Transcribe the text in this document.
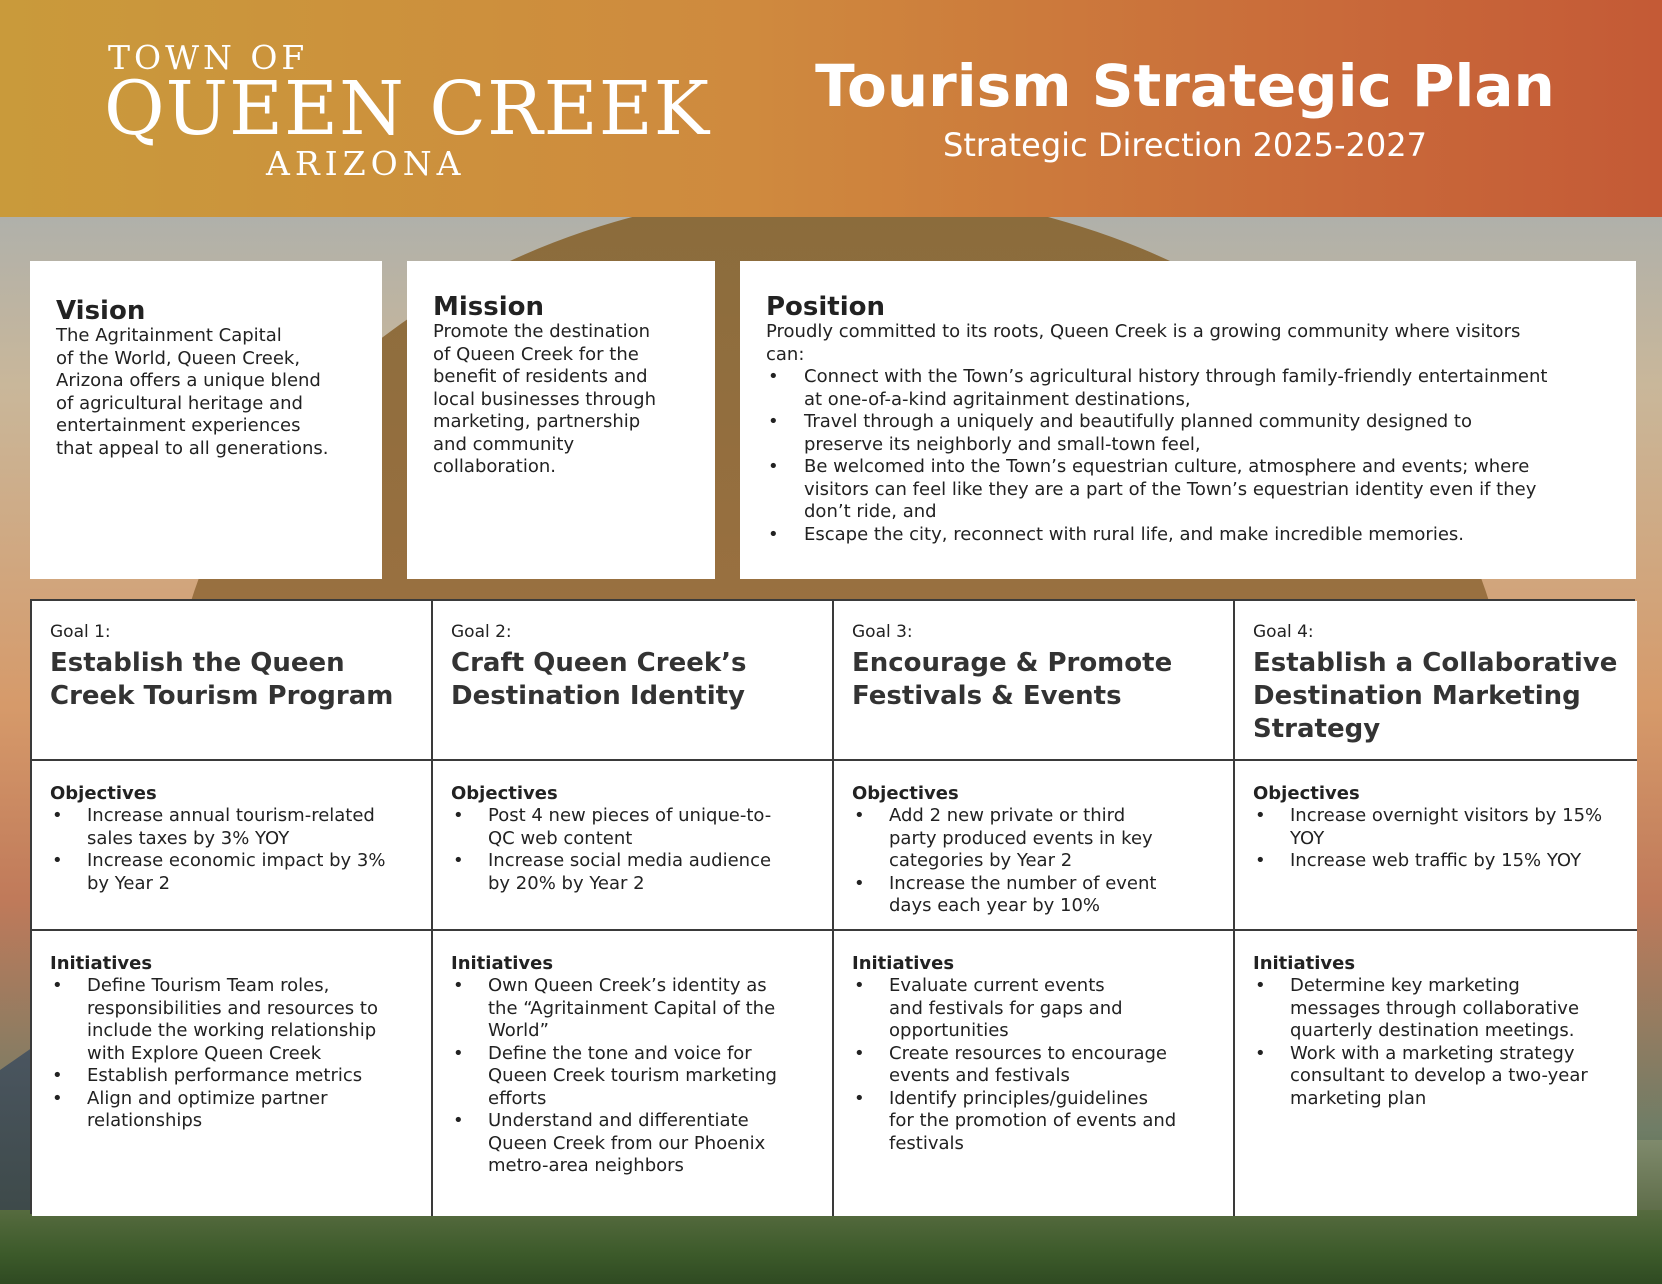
TOWN OF
QUEEN CREEK
ARIZONA
Tourism Strategic Plan
Strategic Direction 2025-2027
Vision

The Agritainment Capital
of the World, Queen Creek,
Arizona offers a unique blend
of agricultural heritage and
entertainment experiences
that appeal to all generations.

Mission

Promote the destination
of Queen Creek for the
benefit of residents and
local businesses through
marketing, partnership
and community
collaboration.

Position

Proudly committed to its roots, Queen Creek is a growing community where visitors
can:

• Connect with the Town’s agricultural history through family-friendly entertainment
at one-of-a-kind agritainment destinations,
• Travel through a uniquely and beautifully planned community designed to
preserve its neighborly and small-town feel,
• Be welcomed into the Town’s equestrian culture, atmosphere and events; where
visitors can feel like they are a part of the Town’s equestrian identity even if they
don’t ride, and
• Escape the city, reconnect with rural life, and make incredible memories.
Goal 1:
Establish the Queen
Creek Tourism Program
Goal 2:
Craft Queen Creek’s
Destination Identity
Goal 3:
Encourage & Promote
Festivals & Events
Goal 4:
Establish a Collaborative
Destination Marketing
Strategy
Objectives
• Increase annual tourism-related
sales taxes by 3% YOY
• Increase economic impact by 3%
by Year 2
Objectives
• Post 4 new pieces of unique-to-
QC web content
• Increase social media audience
by 20% by Year 2
Objectives
• Add 2 new private or third
party produced events in key
categories by Year 2
• Increase the number of event
days each year by 10%
Objectives
• Increase overnight visitors by 15%
YOY
• Increase web traffic by 15% YOY
Initiatives
• Define Tourism Team roles,
responsibilities and resources to
include the working relationship
with Explore Queen Creek
• Establish performance metrics
• Align and optimize partner
relationships
Initiatives
• Own Queen Creek’s identity as
the “Agritainment Capital of the
World”
• Define the tone and voice for
Queen Creek tourism marketing
efforts
• Understand and differentiate
Queen Creek from our Phoenix
metro-area neighbors
Initiatives
• Evaluate current events
and festivals for gaps and
opportunities
• Create resources to encourage
events and festivals
• Identify principles/guidelines
for the promotion of events and
festivals
Initiatives
• Determine key marketing
messages through collaborative
quarterly destination meetings.
• Work with a marketing strategy
consultant to develop a two-year
marketing plan
